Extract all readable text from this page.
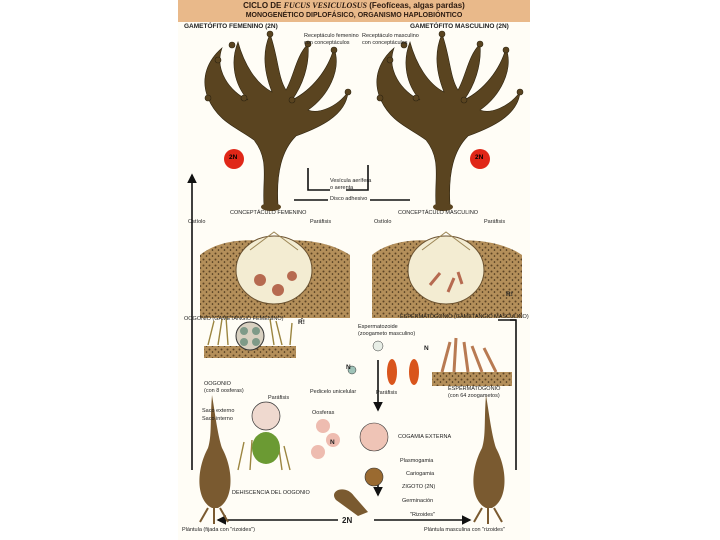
CICLO DE FUCUS VESICULOSUS (Feofíceas, algas pardas)
MONOGENÉTICO DIPLOFÁSICO, ORGANISMO HAPLOBIÓNTICO
GAMETÓFITO FEMENINO (2N)	GAMETÓFITO MASCULINO (2N)
Receptáculo femenino
con conceptáculos
Receptáculo masculino
con conceptáculos
Vesícula aerífera
o aerenta
Disco adhesivo
CONCEPTÁCULO FEMENINO	CONCEPTÁCULO MASCULINO
Ostíolo	Ostíolo
Paráfisis	Paráfisis
OOGONIO (GAMETANGIO FEMENINO)	ESPERMATOGONIO (GAMETANGIO MASCULINO)
Espermatozoide
(zoogameto masculino)
OOGONIO
(con 8 oosferas)	Pedicelo unicelular	ESPERMATOGONIO
(con 64 zoogametos)
Paráfisis
Paráfisis
Saco externo
Saco interno
Oosferas
COGAMIA EXTERNA
Plasmogamia
Cariogamia
ZIGOTO (2N)
Germinación
DEHISCENCIA DEL OOGONIO
Plántula (fijada con "rizoides")
"Rizoides"
Plántula masculina con "rizoides"
2N	2N
2N
N
N
N
R!
R!
